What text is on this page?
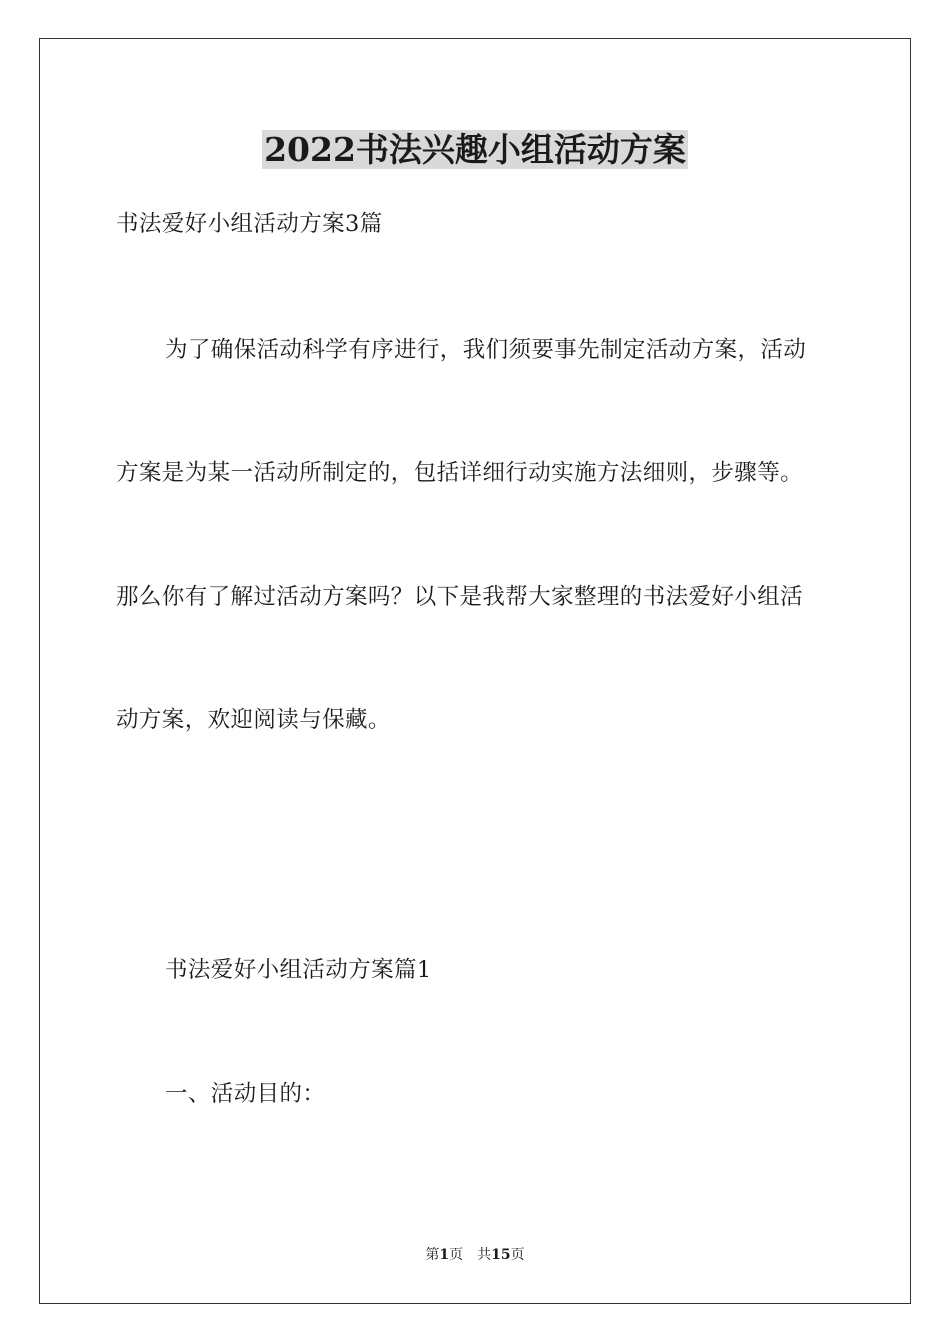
2022书法兴趣小组活动方案
书法爱好小组活动方案3篇
为了确保活动科学有序进行，我们须要事先制定活动方案，活动
方案是为某一活动所制定的，包括详细行动实施方法细则，步骤等。
那么你有了解过活动方案吗？以下是我帮大家整理的书法爱好小组活
动方案，欢迎阅读与保藏。
书法爱好小组活动方案篇1
一、活动目的：
第1页 共15页
